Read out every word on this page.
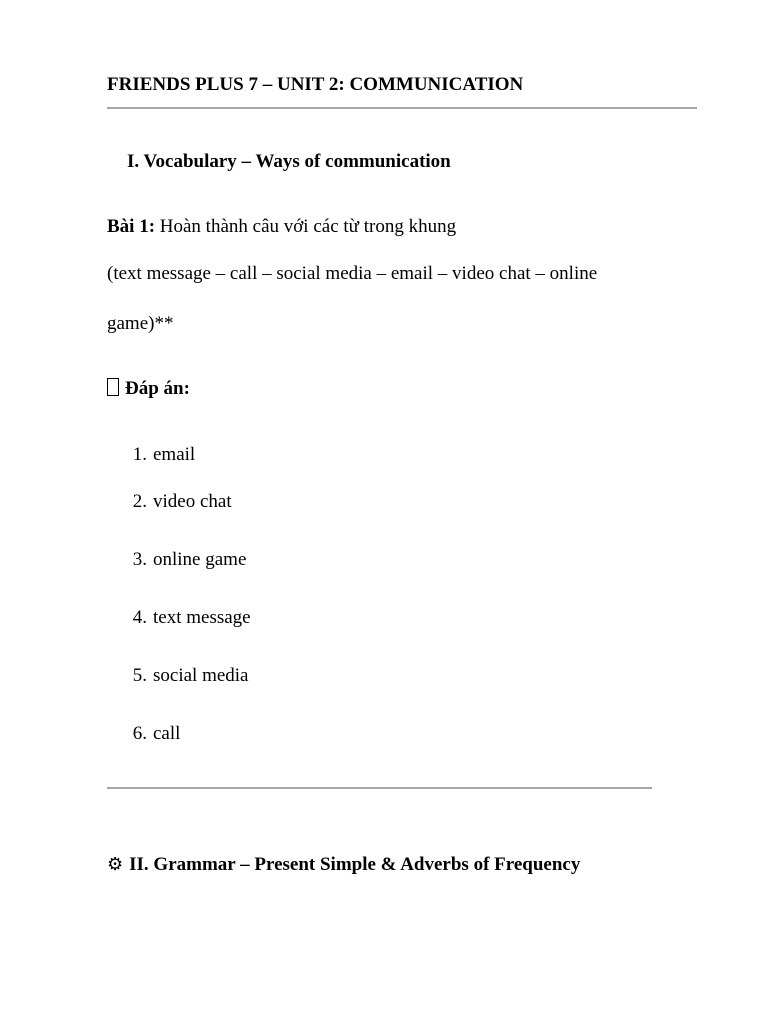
FRIENDS PLUS 7 – UNIT 2: COMMUNICATION
I. Vocabulary – Ways of communication
Bài 1: Hoàn thành câu với các từ trong khung
(text message – call – social media – email – video chat – online
game)**
Đáp án:
1. email
2. video chat
3. online game
4. text message
5. social media
6. call
⚙ II. Grammar – Present Simple & Adverbs of Frequency
